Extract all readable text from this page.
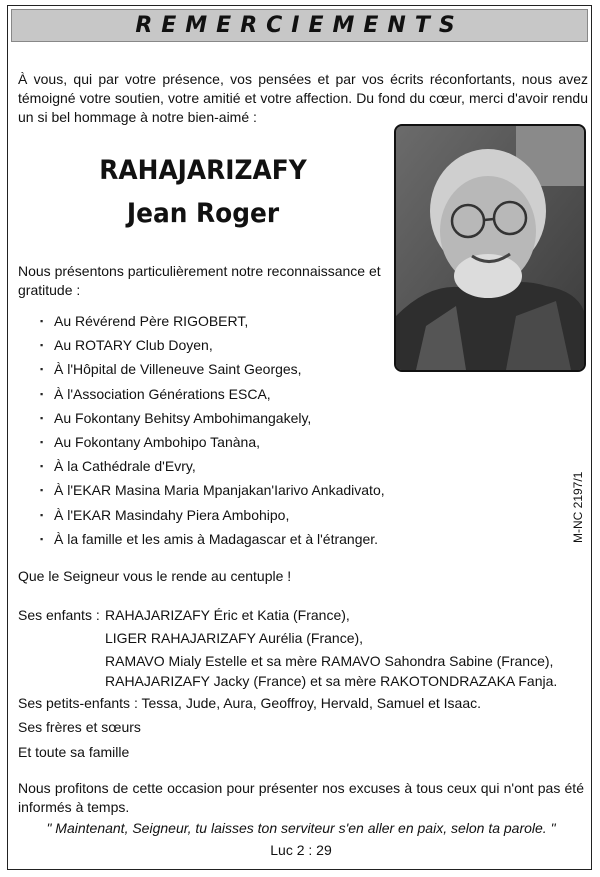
REMERCIEMENTS
À vous, qui par votre présence, vos pensées et par vos écrits réconfortants, nous avez témoigné votre soutien, votre amitié et votre affection. Du fond du cœur, merci d'avoir rendu un si bel hommage à notre bien-aimé :
RAHAJARIZAFY
Jean Roger
Nous présentons particulièrement notre reconnaissance et gratitude :
▪ Au Révérend Père RIGOBERT,
▪ Au ROTARY Club Doyen,
▪ À l'Hôpital de Villeneuve Saint Georges,
▪ À l'Association Générations ESCA,
▪ Au Fokontany Behitsy Ambohimangakely,
▪ Au Fokontany Ambohipo Tanàna,
▪ À la Cathédrale d'Evry,
▪ À l'EKAR Masina Maria Mpanjakan'Iarivo Ankadivato,
▪ À l'EKAR Masindahy Piera Ambohipo,
▪ À la famille et les amis à Madagascar et à l'étranger.	M-NC 2197/1
Que le Seigneur vous le rende au centuple !
Ses enfants : RAHAJARIZAFY Éric et Katia (France),
LIGER RAHAJARIZAFY Aurélia (France),
RAMAVO Mialy Estelle et sa mère RAMAVO Sahondra Sabine (France),
RAHAJARIZAFY Jacky (France) et sa mère RAKOTONDRAZAKA Fanja.
Ses petits-enfants : Tessa, Jude, Aura, Geoffroy, Hervald, Samuel et Isaac.
Ses frères et sœurs
Et toute sa famille
Nous profitons de cette occasion pour présenter nos excuses à tous ceux qui n'ont pas été informés à temps.
" Maintenant, Seigneur, tu laisses ton serviteur s'en aller en paix, selon ta parole. "
Luc 2 : 29
